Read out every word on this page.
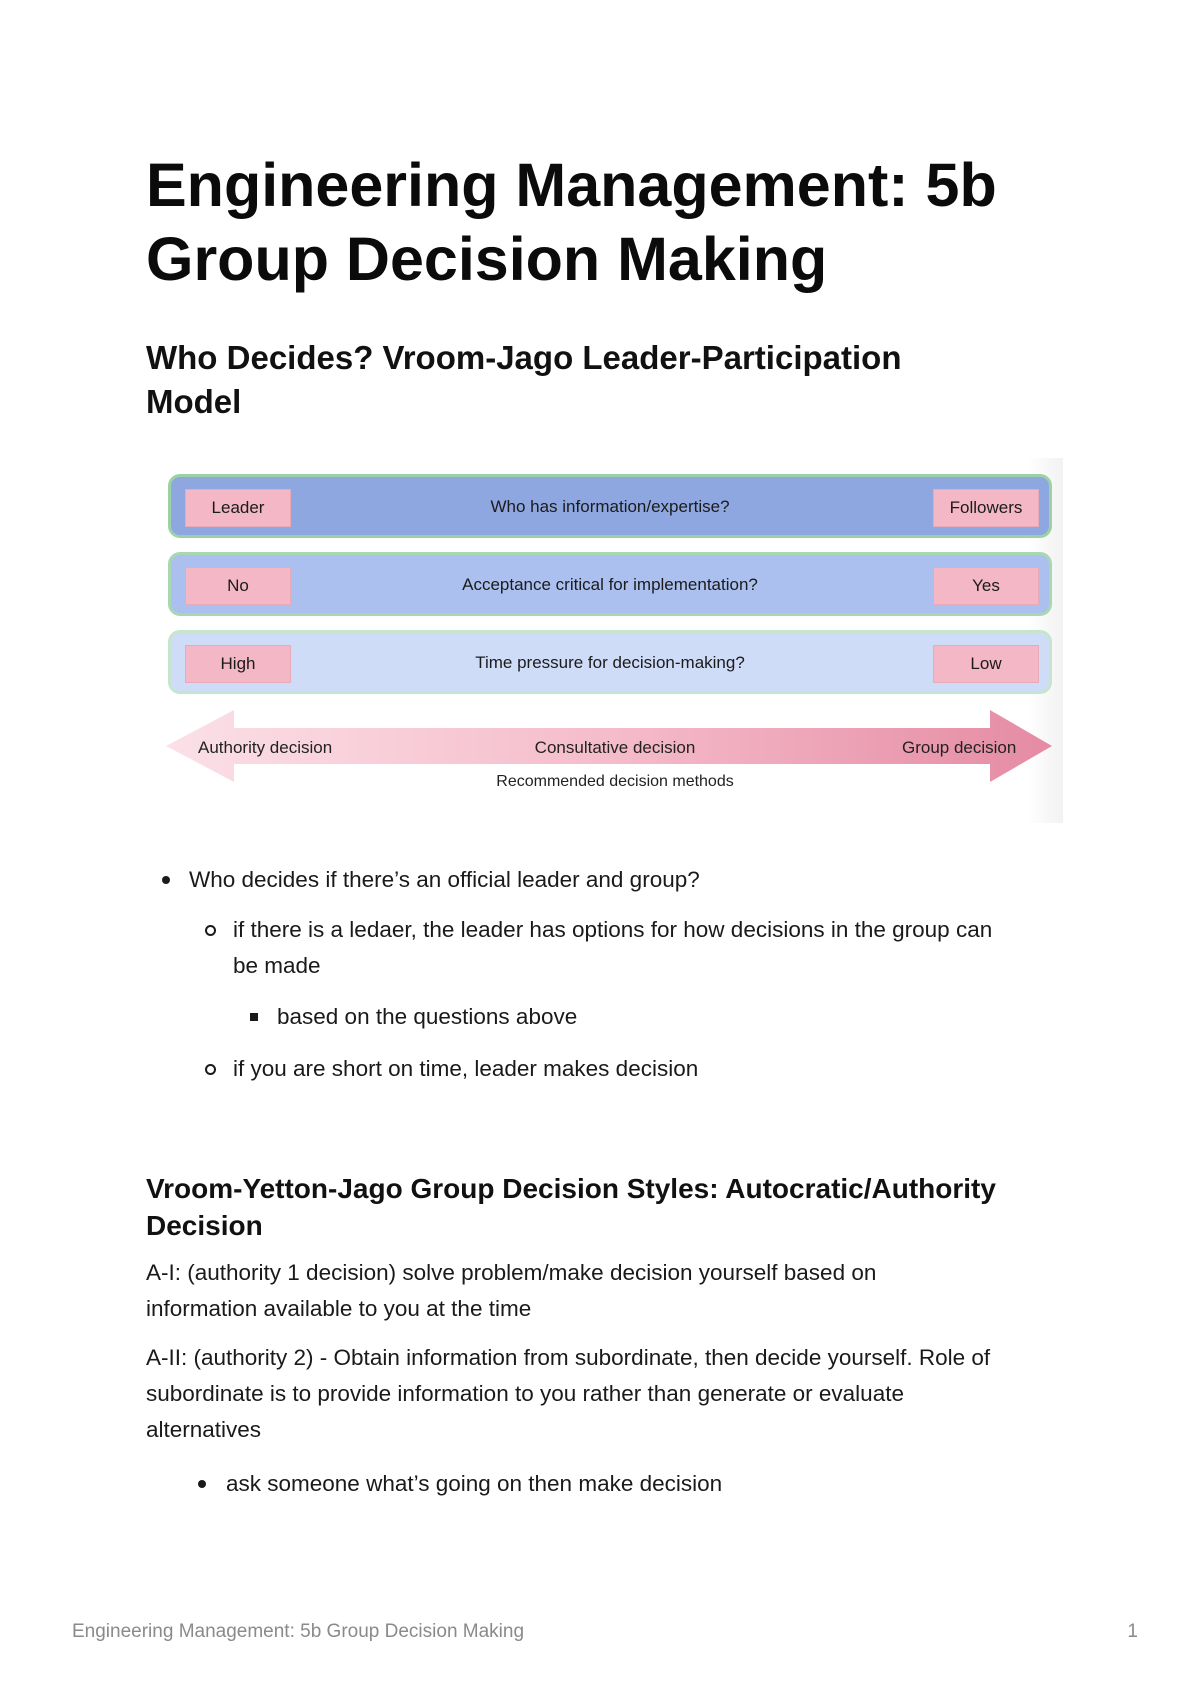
Engineering Management: 5b
Group Decision Making
Who Decides? Vroom-Jago Leader-Participation
Model
Leader	Who has information/expertise?	Followers
No	Acceptance critical for implementation?	Yes
High	Time pressure for decision-making?	Low
Authority decision	Consultative decision	Group decision
Recommended decision methods

Who decides if there’s an official leader and group?

if there is a ledaer, the leader has options for how decisions in the group can
be made

based on the questions above

if you are short on time, leader makes decision

Vroom-Yetton-Jago Group Decision Styles: Autocratic/Authority
Decision

A-I: (authority 1 decision) solve problem/make decision yourself based on
information available to you at the time

A-II: (authority 2) - Obtain information from subordinate, then decide yourself. Role of
subordinate is to provide information to you rather than generate or evaluate
alternatives

ask someone what’s going on then make decision

Engineering Management: 5b Group Decision Making	1
